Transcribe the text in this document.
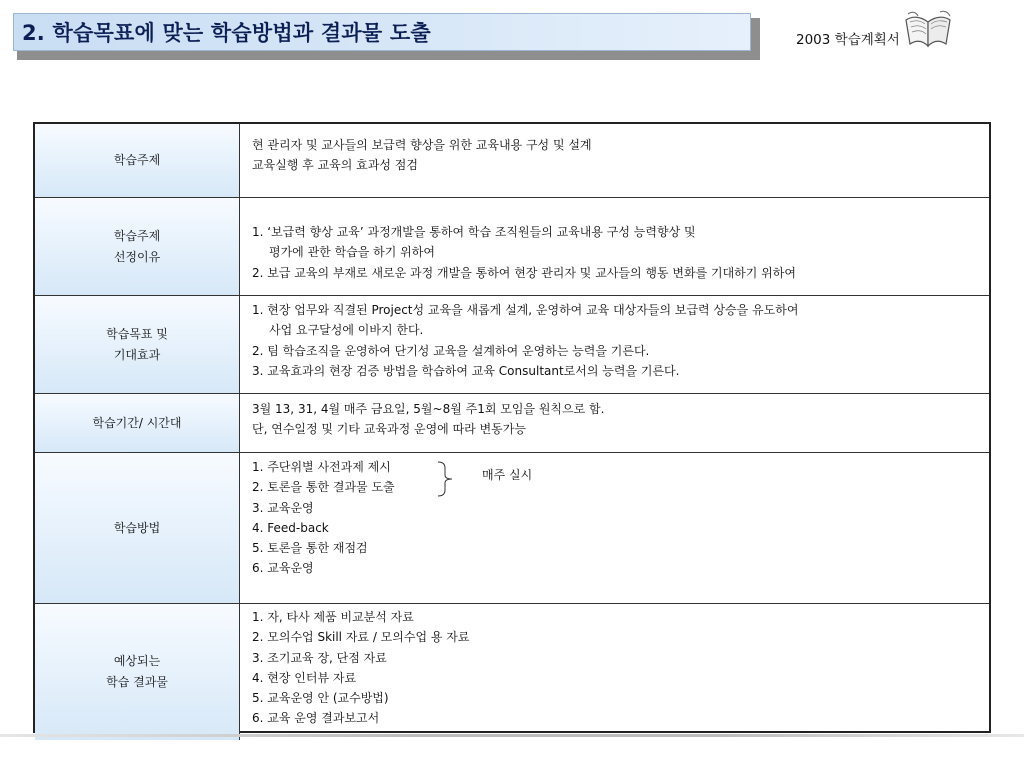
2. 학습목표에 맞는 학습방법과 결과물 도출	2003 학습계획서
학습주제
현 관리자 및 교사들의 보급력 향상을 위한 교육내용 구성 및 설계
교육실행 후 교육의 효과성 점검
학습주제
선정이유
1. ‘보급력 향상 교육’ 과정개발을 통하여 학습 조직원들의 교육내용 구성 능력향상 및
평가에 관한 학습을 하기 위하여
2. 보급 교육의 부재로 새로운 과정 개발을 통하여 현장 관리자 및 교사들의 행동 변화를 기대하기 위하여
학습목표 및
기대효과
1. 현장 업무와 직결된 Project성 교육을 새롭게 설계, 운영하여 교육 대상자들의 보급력 상승을 유도하여
사업 요구달성에 이바지 한다.
2. 팀 학습조직을 운영하여 단기성 교육을 설계하여 운영하는 능력을 기른다.
3. 교육효과의 현장 검증 방법을 학습하여 교육 Consultant로서의 능력을 기른다.
학습기간/ 시간대
3월 13, 31, 4월 매주 금요일, 5월~8월 주1회 모임을 원칙으로 함.
단, 연수일정 및 기타 교육과정 운영에 따라 변동가능
학습방법
1. 주단위별 사전과제 제시
2. 토론을 통한 결과물 도출
3. 교육운영
4. Feed-back
5. 토론을 통한 재점검
6. 교육운영
매주 실시
예상되는
학습 결과물
1. 자, 타사 제품 비교분석 자료
2. 모의수업 Skill 자료 / 모의수업 용 자료
3. 조기교육 장, 단점 자료
4. 현장 인터뷰 자료
5. 교육운영 안 (교수방법)
6. 교육 운영 결과보고서
